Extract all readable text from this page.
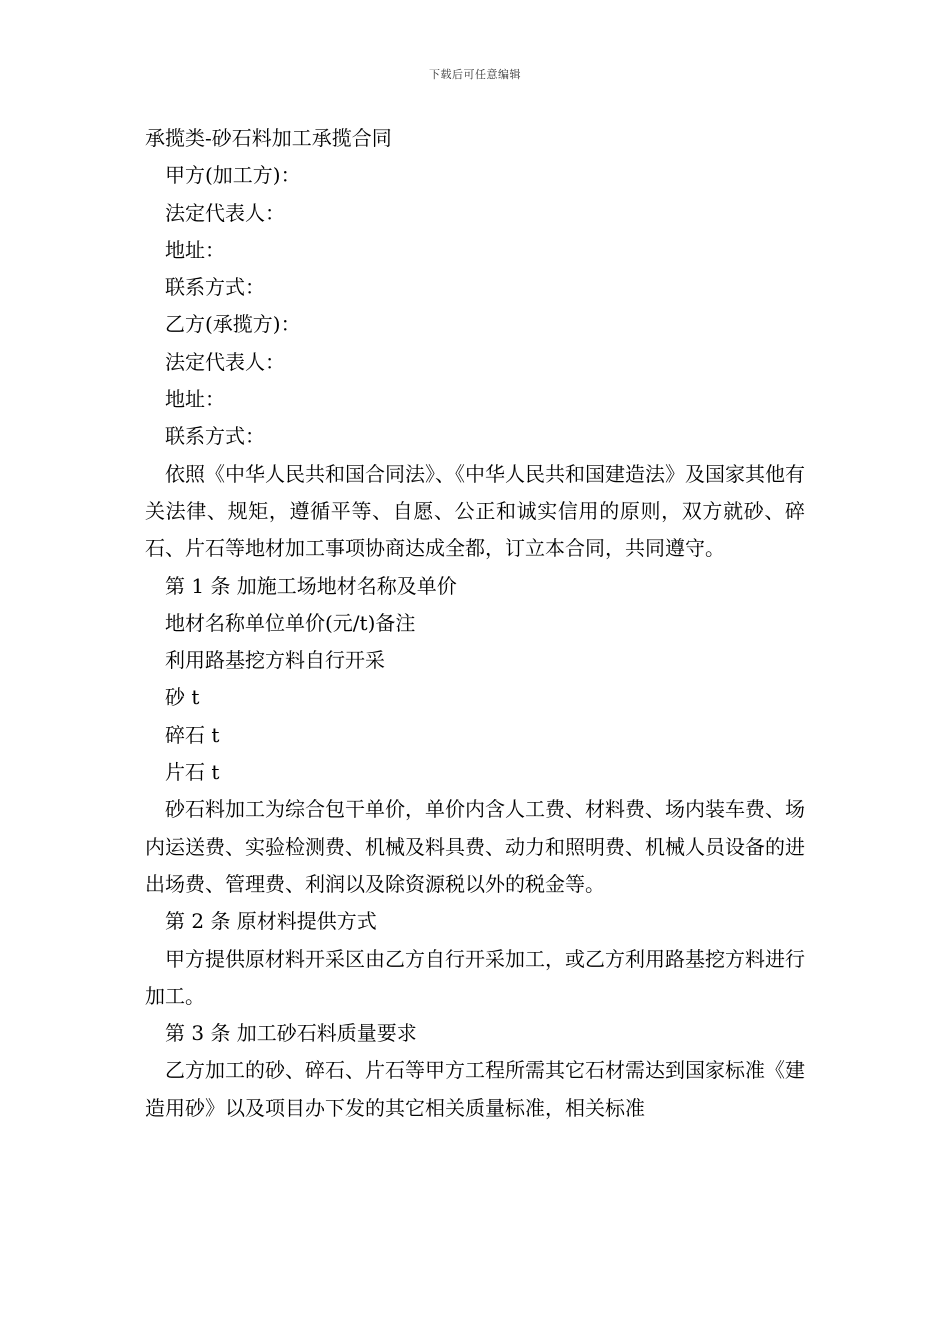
下载后可任意编辑
承揽类-砂石料加工承揽合同
甲方(加工方)：
法定代表人：
地址：
联系方式：
乙方(承揽方)：
法定代表人：
地址：
联系方式：
依照《中华人民共和国合同法》、《中华人民共和国建造法》及国家其他有关法律、规矩，遵循平等、自愿、公正和诚实信用的原则，双方就砂、碎石、片石等地材加工事项协商达成全都，订立本合同，共同遵守。
第 1 条 加施工场地材名称及单价
地材名称单位单价(元/t)备注
利用路基挖方料自行开采
砂 t
碎石 t
片石 t
砂石料加工为综合包干单价，单价内含人工费、材料费、场内装车费、场内运送费、实验检测费、机械及料具费、动力和照明费、机械人员设备的进出场费、管理费、利润以及除资源税以外的税金等。
第 2 条 原材料提供方式
甲方提供原材料开采区由乙方自行开采加工，或乙方利用路基挖方料进行加工。
第 3 条 加工砂石料质量要求
乙方加工的砂、碎石、片石等甲方工程所需其它石材需达到国家标准《建造用砂》以及项目办下发的其它相关质量标准，相关标准
